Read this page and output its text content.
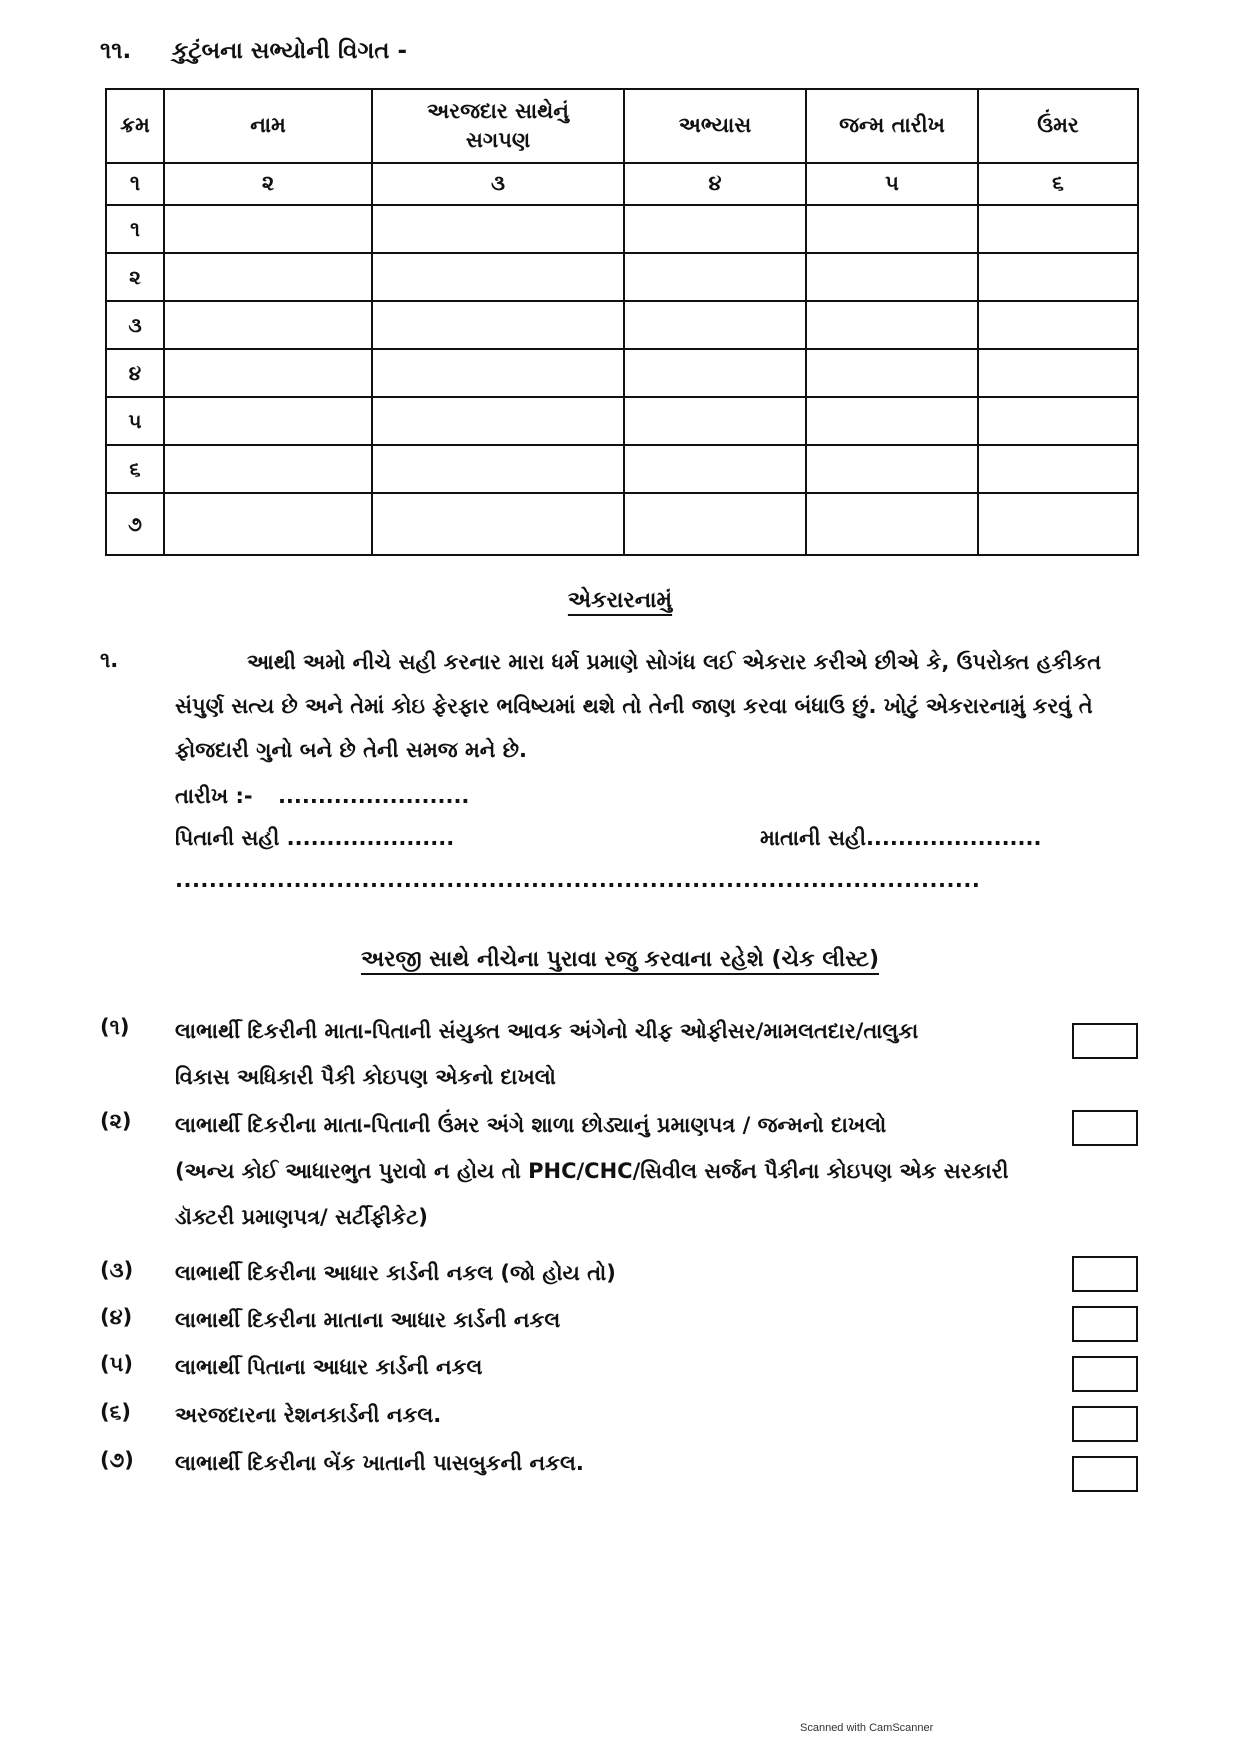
૧૧. કુટુંબના સભ્યોની વિગત -
ક્રમ	નામ	અરજદાર સાથેનું સગપણ	અભ્યાસ	જન્મ તારીખ	ઉંમર
૧	૨	૩	૪	૫	૬
૧					
૨					
૩					
૪					
૫					
૬					
૭					
એકરારનામું
૧.	આથી અમો નીચે સહી કરનાર મારા ધર્મ પ્રમાણે સોગંધ લઈ એકરાર કરીએ છીએ કે, ઉપરોક્ત હકીકત સંપુર્ણ સત્ય છે અને તેમાં કોઇ ફેરફાર ભવિષ્યમાં થશે તો તેની જાણ કરવા બંધાઉ છું. ખોટું એકરારનામું કરવું તે ફોજદારી ગુનો બને છે તેની સમજ મને છે.
તારીખ :- ........................
પિતાની સહી .....................	માતાની સહી......................
...............................................................................................
અરજી સાથે નીચેના પુરાવા રજુ કરવાના રહેશે (ચેક લીસ્ટ)
(૧) લાભાર્થી દિકરીની માતા-પિતાની સંયુક્ત આવક અંગેનો ચીફ ઓફીસર/મામલતદાર/તાલુકા
વિકાસ અધિકારી પૈકી કોઇપણ એકનો દાખલો
(૨) લાભાર્થી દિકરીના માતા-પિતાની ઉંમર અંગે શાળા છોડ્યાનું પ્રમાણપત્ર / જન્મનો દાખલો
(અન્ય કોઈ આધારભુત પુરાવો ન હોય તો PHC/CHC/સિવીલ સર્જન પૈકીના કોઇપણ એક સરકારી
ડૉક્ટરી પ્રમાણપત્ર/ સર્ટીફીકેટ)
(૩) લાભાર્થી દિકરીના આધાર કાર્ડની નકલ (જો હોય તો)
(૪) લાભાર્થી દિકરીના માતાના આધાર કાર્ડની નકલ
(૫) લાભાર્થી પિતાના આધાર કાર્ડની નકલ
(૬) અરજદારના રેશનકાર્ડની નકલ.
(૭) લાભાર્થી દિકરીના બેંક ખાતાની પાસબુકની નકલ.
Scanned with CamScanner
